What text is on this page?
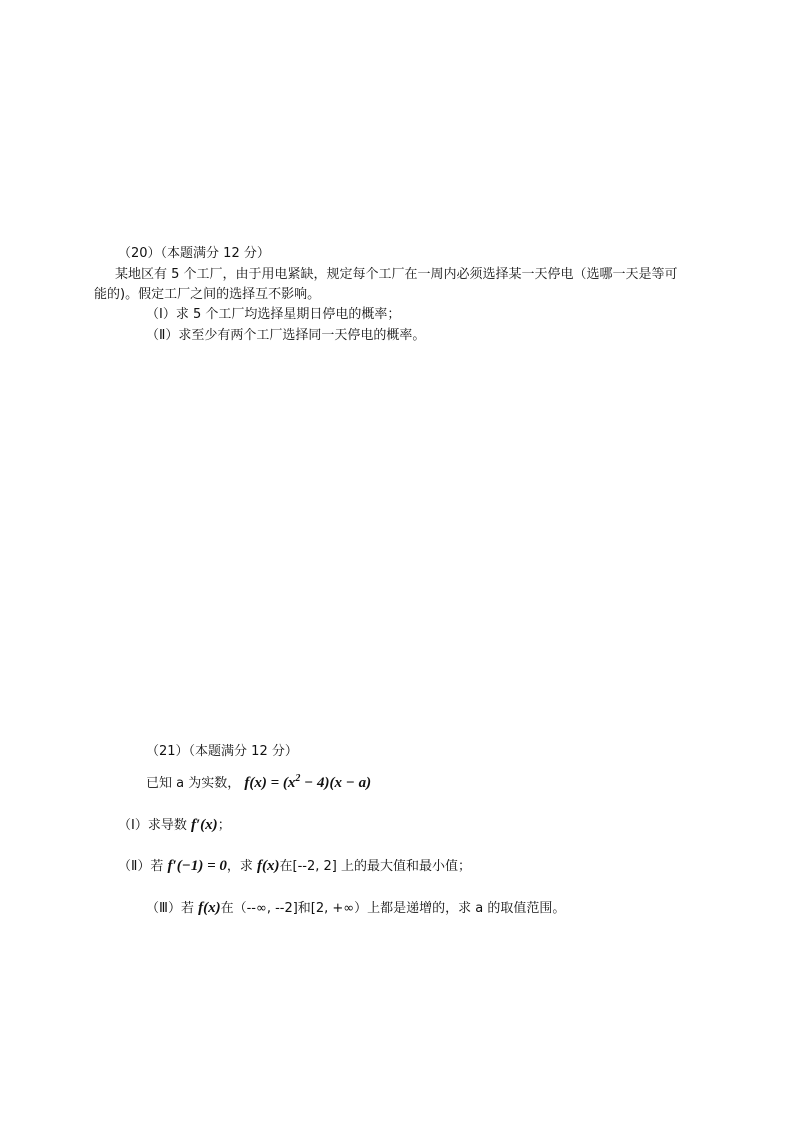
（20）（本题满分 12 分）

某地区有 5 个工厂，由于用电紧缺，规定每个工厂在一周内必须选择某一天停电（选哪一天是等可

能的)。假定工厂之间的选择互不影响。

（Ⅰ）求 5 个工厂均选择星期日停电的概率；

（Ⅱ）求至少有两个工厂选择同一天停电的概率。

（21）（本题满分 12 分）

已知 a 为实数， $f(x) = (x^2 - 4)(x - a)$

（Ⅰ）求导数 f′(x)；

（Ⅱ）若 f′(−1) = 0，求 f(x)在[--2, 2] 上的最大值和最小值；

（Ⅲ）若 f(x)在（--∞, --2]和[2, +∞）上都是递增的，求 a 的取值范围。
